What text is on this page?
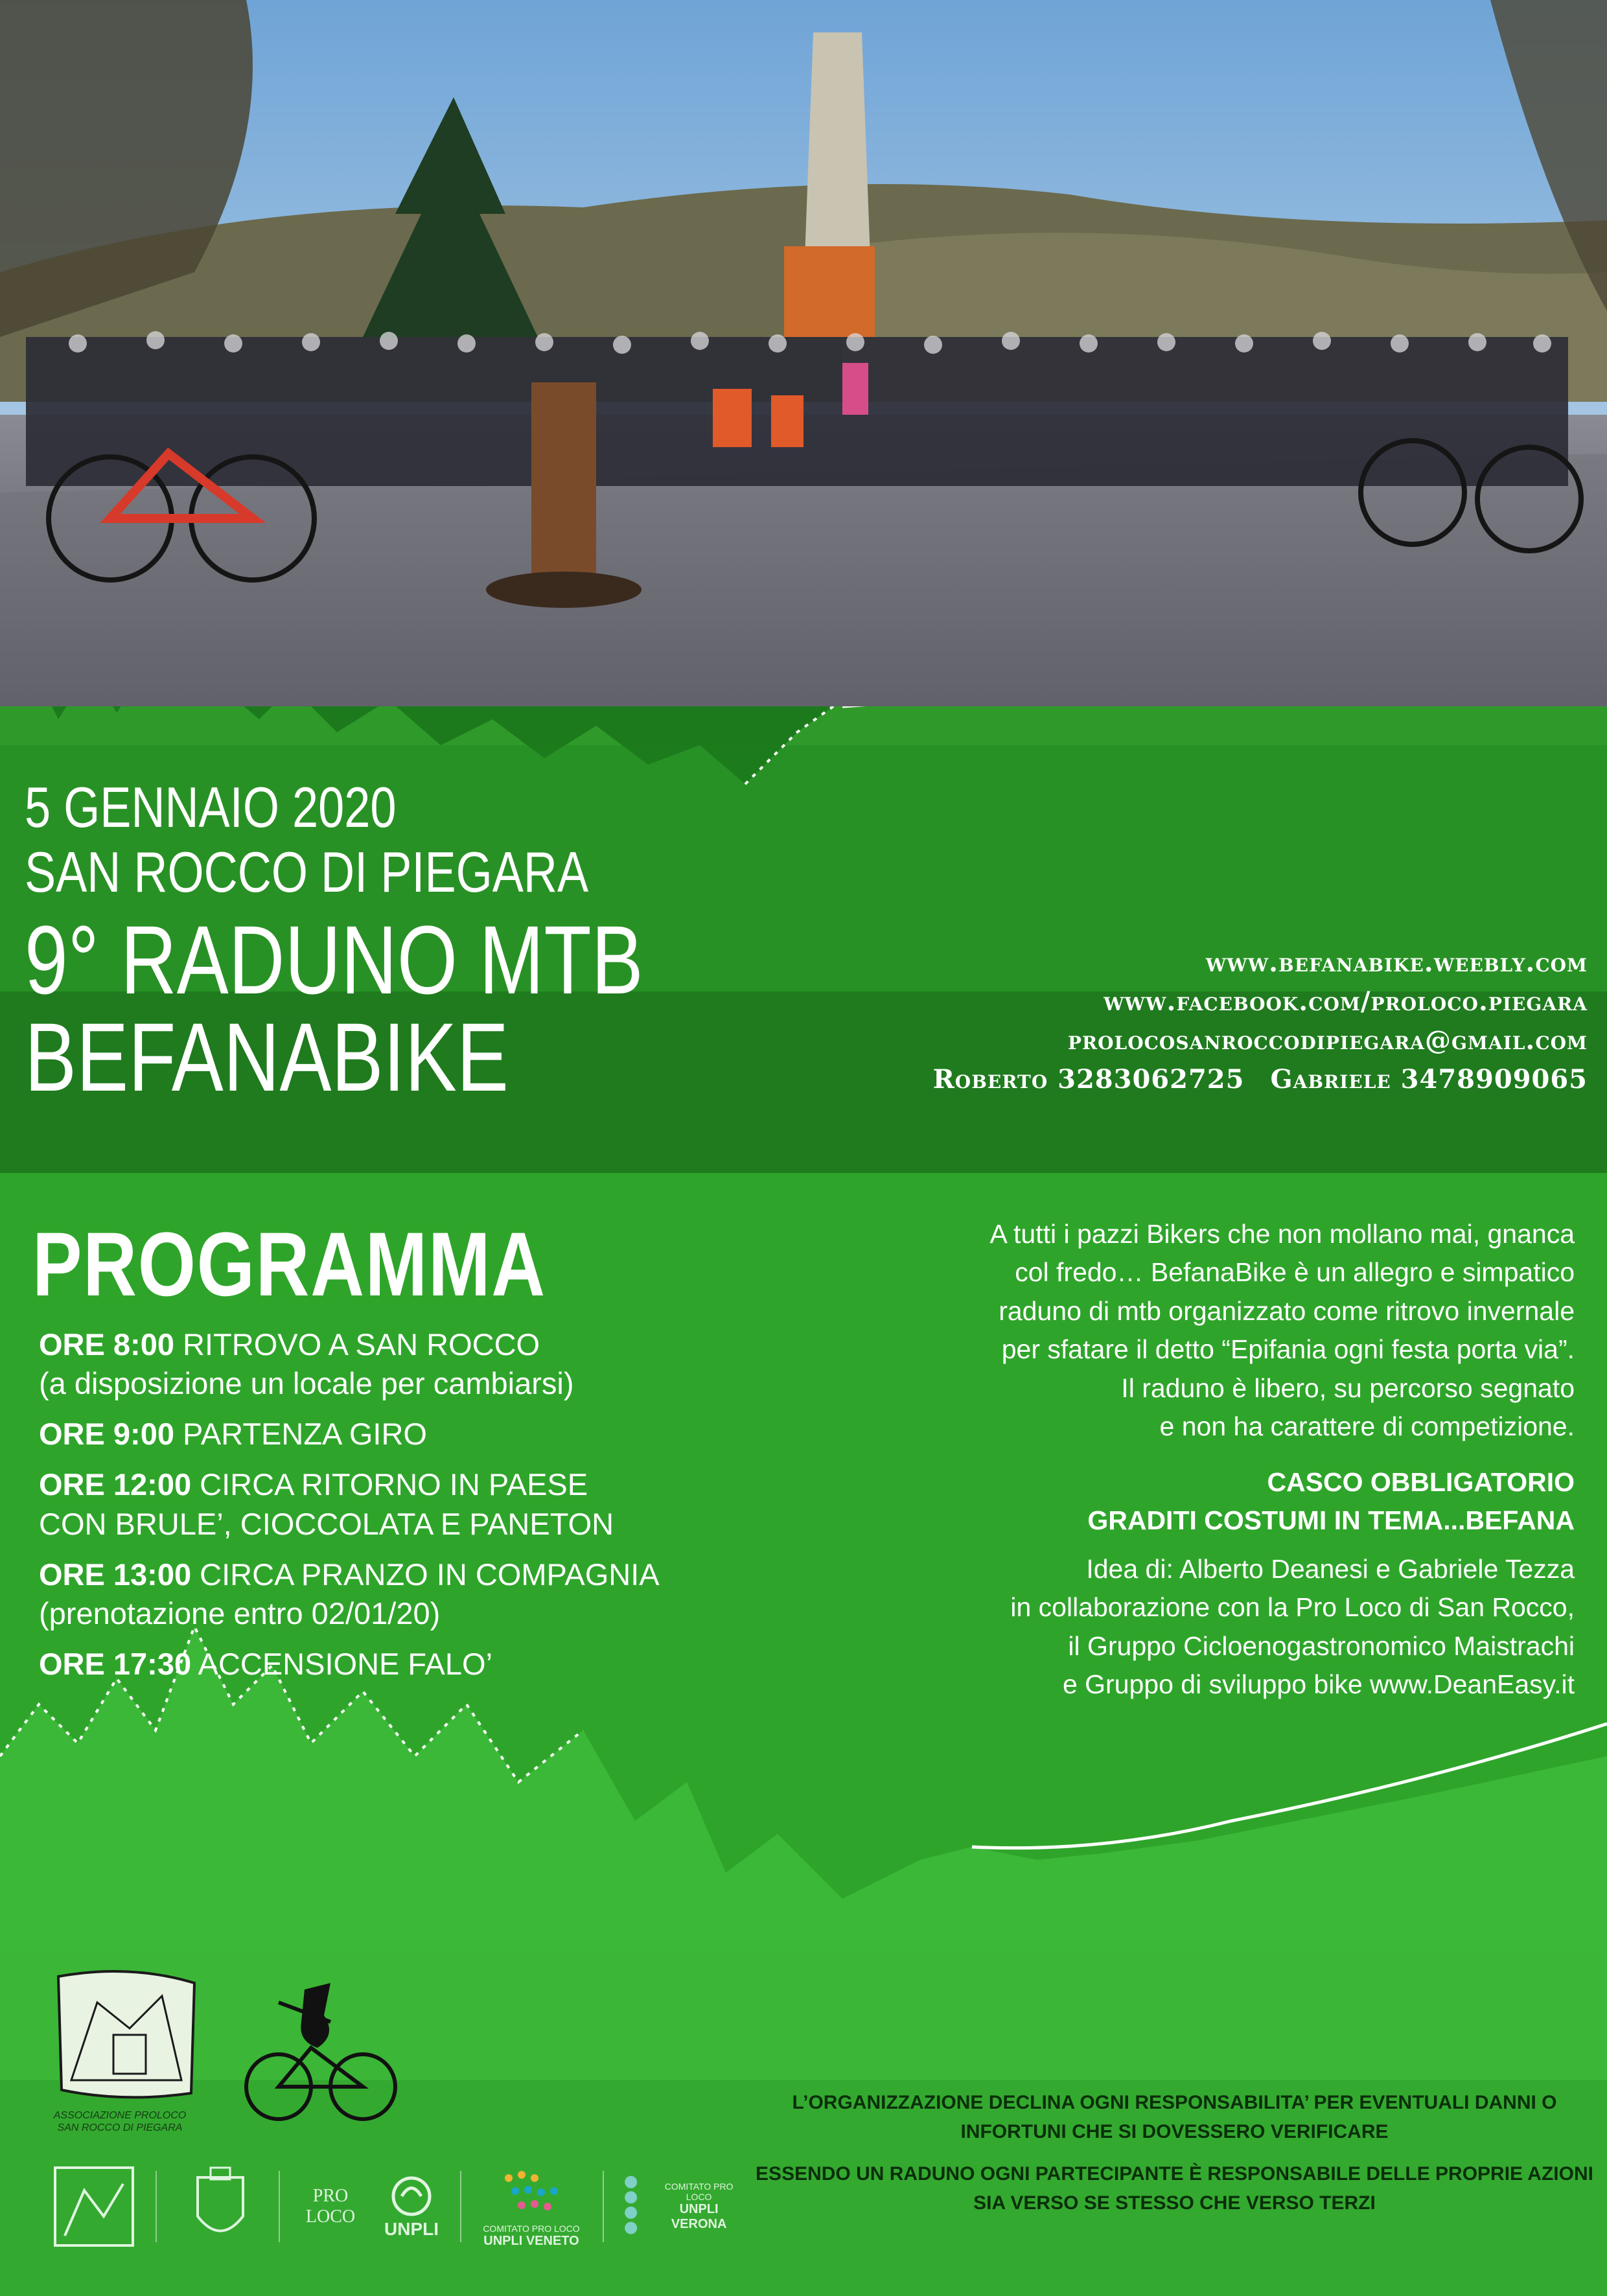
5 GENNAIO 2020
SAN ROCCO DI PIEGARA
9° RADUNO MTB
BEFANABIKE
www.befanabike.weebly.com
www.facebook.com/proloco.piegara
prolocosanroccodipiegara@gmail.com
Roberto 3283062725 Gabriele 3478909065
PROGRAMMA
ORE 8:00 RITROVO A SAN ROCCO
(a disposizione un locale per cambiarsi)
ORE 9:00 PARTENZA GIRO
ORE 12:00 CIRCA RITORNO IN PAESE
CON BRULE’, CIOCCOLATA E PANETON
ORE 13:00 CIRCA PRANZO IN COMPAGNIA
(prenotazione entro 02/01/20)
ORE 17:30 ACCENSIONE FALO’

A tutti i pazzi Bikers che non mollano mai, gnanca

col fredo… BefanaBike è un allegro e simpatico

raduno di mtb organizzato come ritrovo invernale

per sfatare il detto “Epifania ogni festa porta via”.

Il raduno è libero, su percorso segnato

e non ha carattere di competizione.

CASCO OBBLIGATORIO
GRADITI COSTUMI IN TEMA...BEFANA

Idea di: Alberto Deanesi e Gabriele Tezza

in collaborazione con la Pro Loco di San Rocco,

il Gruppo Cicloenogastronomico Maistrachi

e Gruppo di sviluppo bike www.DeanEasy.it

ASSOCIAZIONE PROLOCO SAN ROCCO DI PIEGARA
PRO LOCO
UNPLI	COMITATO PRO LOCO
UNPLI VENETO
COMITATO PRO LOCO
UNPLI VERONA

L’ORGANIZZAZIONE DECLINA OGNI RESPONSABILITA’ PER EVENTUALI DANNI O INFORTUNI CHE SI DOVESSERO VERIFICARE

ESSENDO UN RADUNO OGNI PARTECIPANTE È RESPONSABILE DELLE PROPRIE AZIONI SIA VERSO SE STESSO CHE VERSO TERZI
